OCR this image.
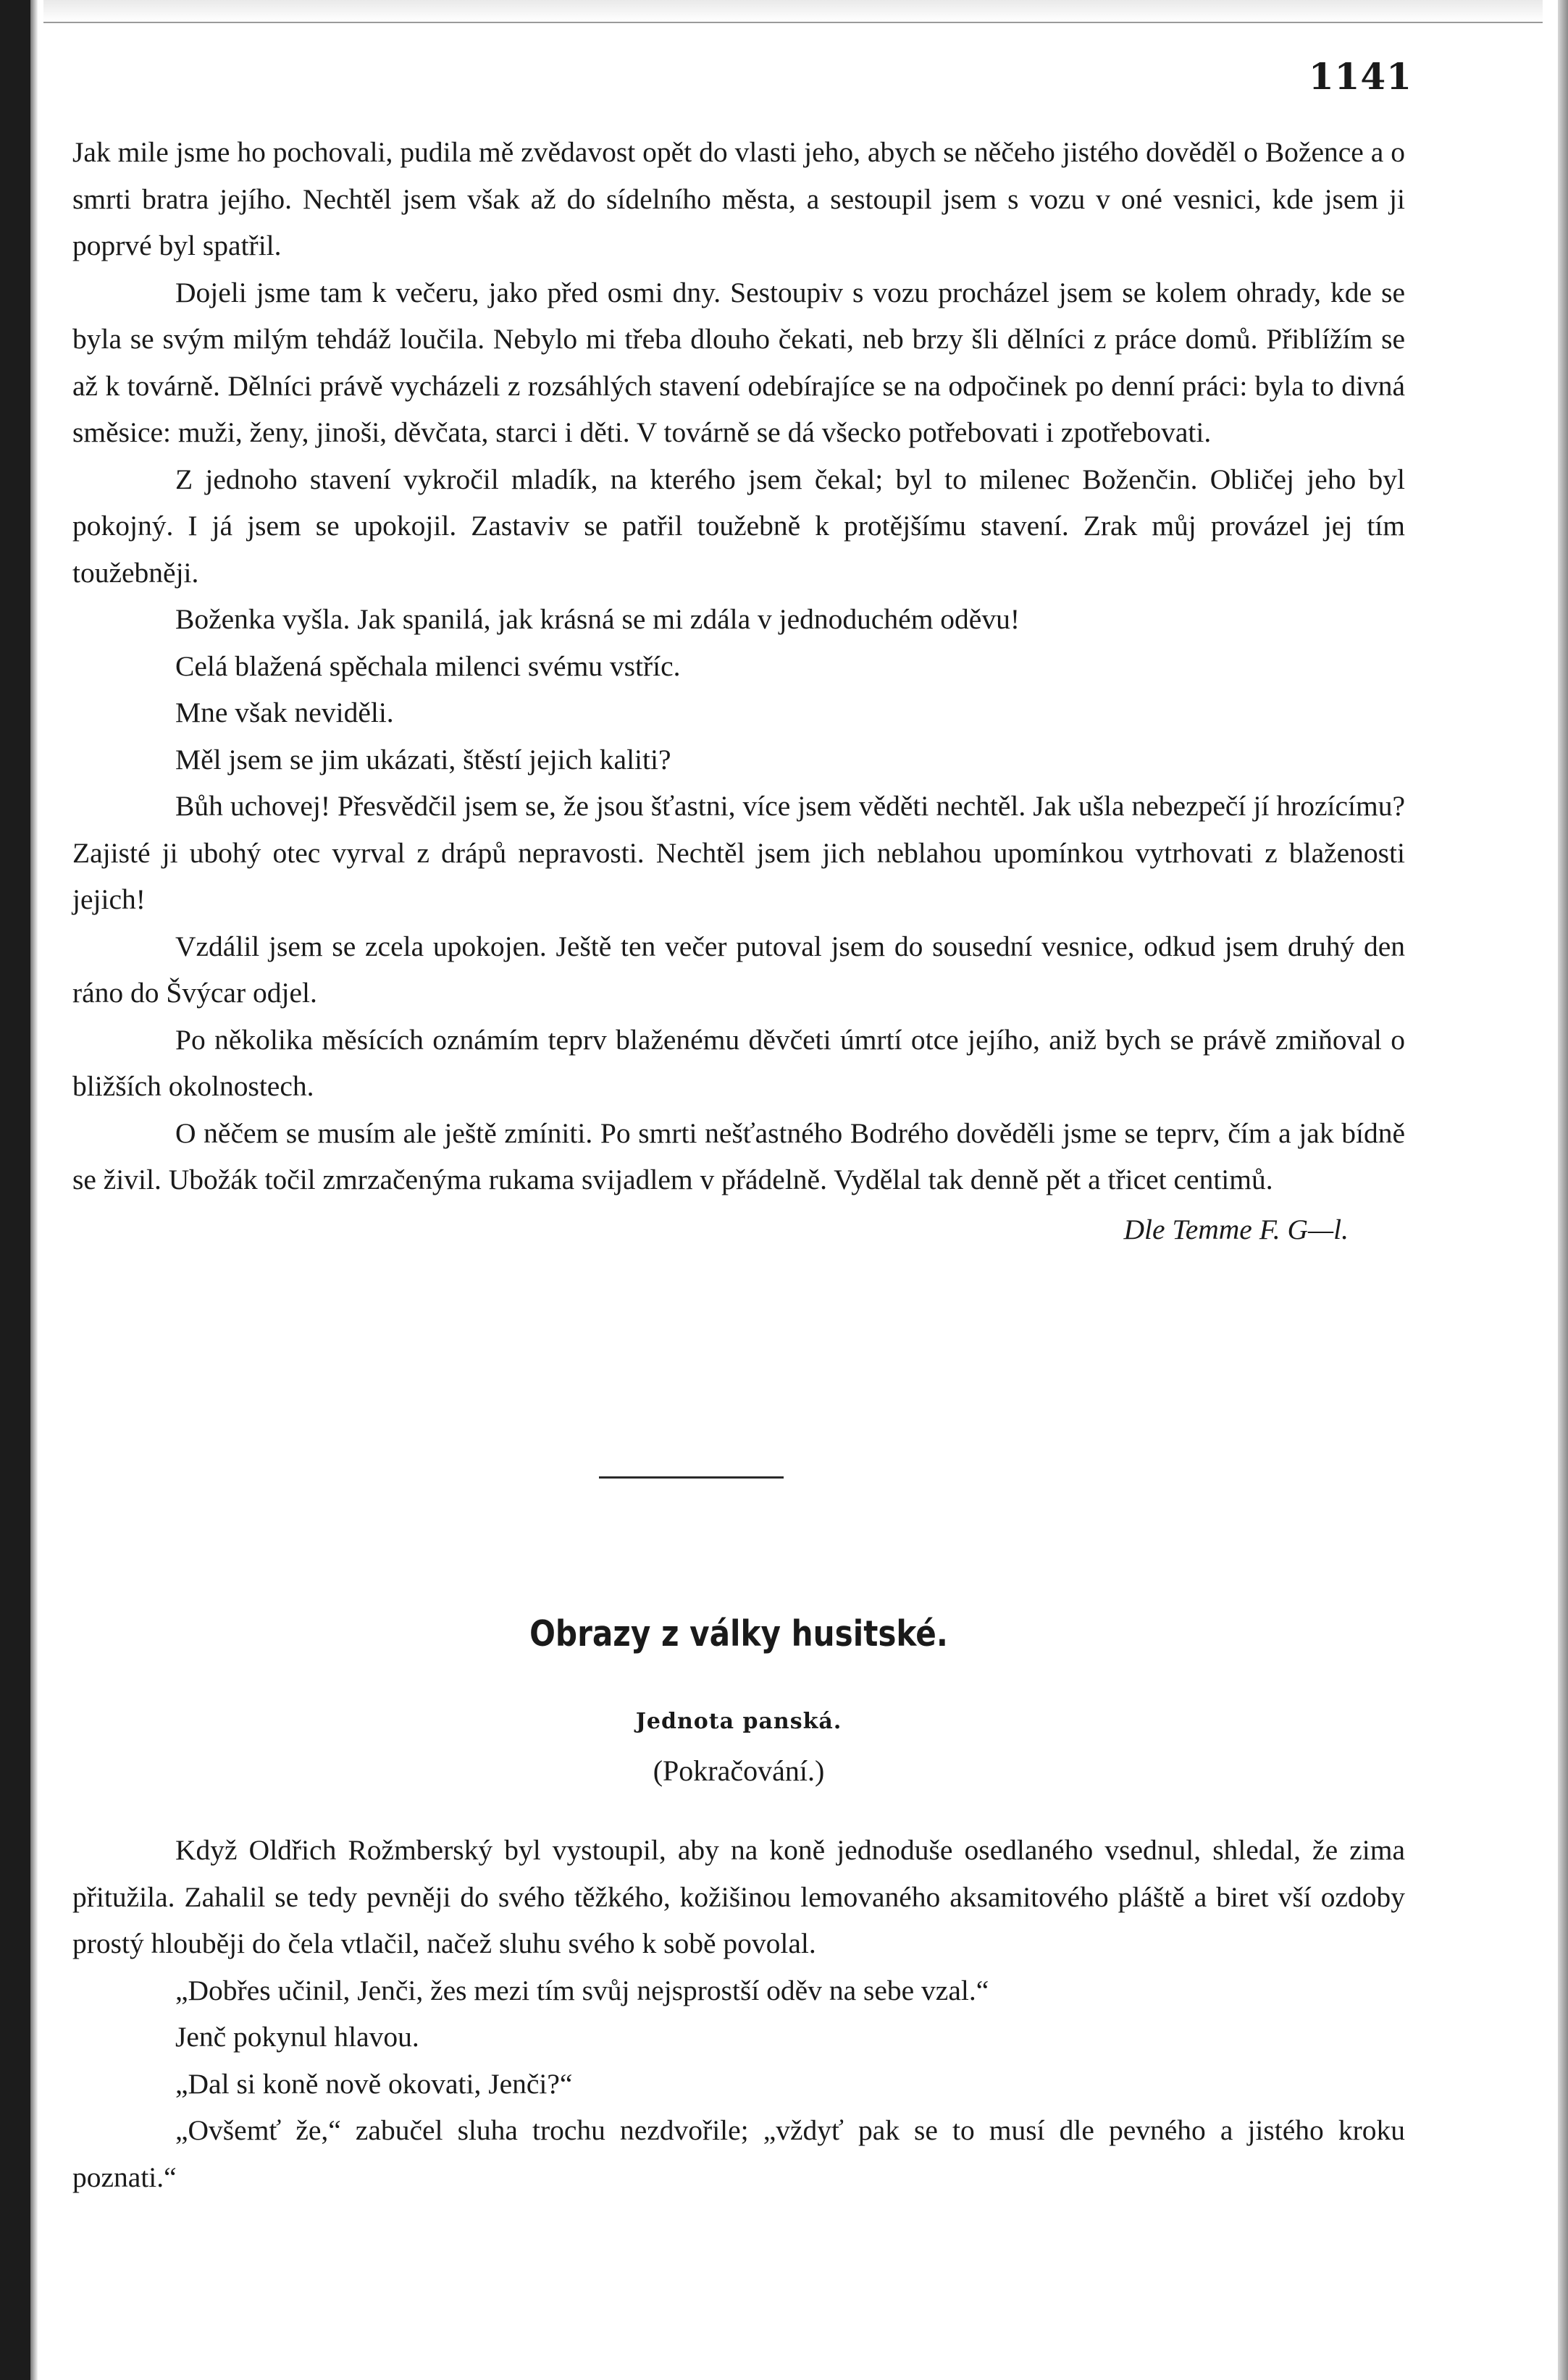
1141

Jak mile jsme ho pochovali, pudila mě zvědavost opět do vlasti jeho, abych se něčeho jistého dověděl o Božence a o smrti bratra jejího. Nechtěl jsem však až do sídelního města, a sestoupil jsem s vozu v oné vesnici, kde jsem ji poprvé byl spatřil.

Dojeli jsme tam k večeru, jako před osmi dny. Sestoupiv s vozu procházel jsem se kolem ohrady, kde se byla se svým milým tehdáž loučila. Nebylo mi třeba dlouho čekati, neb brzy šli dělníci z práce domů. Přiblížím se až k továrně. Dělníci právě vycházeli z rozsáhlých stavení odebírajíce se na odpočinek po denní práci: byla to divná směsice: muži, ženy, jinoši, děvčata, starci i děti. V továrně se dá všecko potřebovati i zpotřebovati.

Z jednoho stavení vykročil mladík, na kterého jsem čekal; byl to milenec Boženčin. Obličej jeho byl pokojný. I já jsem se upokojil. Zastaviv se patřil toužebně k protějšímu stavení. Zrak můj provázel jej tím toužebněji.

Boženka vyšla. Jak spanilá, jak krásná se mi zdála v jednoduchém oděvu!

Celá blažená spěchala milenci svému vstříc.

Mne však neviděli.

Měl jsem se jim ukázati, štěstí jejich kaliti?

Bůh uchovej! Přesvědčil jsem se, že jsou šťastni, více jsem věděti nechtěl. Jak ušla nebezpečí jí hrozícímu? Zajisté ji ubohý otec vyrval z drápů nepravosti. Nechtěl jsem jich neblahou upomínkou vytrhovati z blaženosti jejich!

Vzdálil jsem se zcela upokojen. Ještě ten večer putoval jsem do sousední vesnice, odkud jsem druhý den ráno do Švýcar odjel.

Po několika měsících oznámím teprv blaženému děvčeti úmrtí otce jejího, aniž bych se právě zmiňoval o bližších okolnostech.

O něčem se musím ale ještě zmíniti. Po smrti nešťastného Bodrého dověděli jsme se teprv, čím a jak bídně se živil. Ubožák točil zmrzačenýma rukama svijadlem v přádelně. Vydělal tak denně pět a třicet centimů.

Dle Temme F. G—l.

Obrazy z války husitské.
Jednota panská.
(Pokračování.)

Když Oldřich Rožmberský byl vystoupil, aby na koně jednoduše osedlaného vsednul, shledal, že zima přitužila. Zahalil se tedy pevněji do svého těžkého, kožišinou lemovaného aksamitového pláště a biret vší ozdoby prostý hlouběji do čela vtlačil, načež sluhu svého k sobě povolal.

„Dobřes učinil, Jenči, žes mezi tím svůj nejsprostší oděv na sebe vzal.“

Jenč pokynul hlavou.

„Dal si koně nově okovati, Jenči?“

„Ovšemť že,“ zabučel sluha trochu nezdvořile; „vždyť pak se to musí dle pevného a jistého kroku poznati.“
